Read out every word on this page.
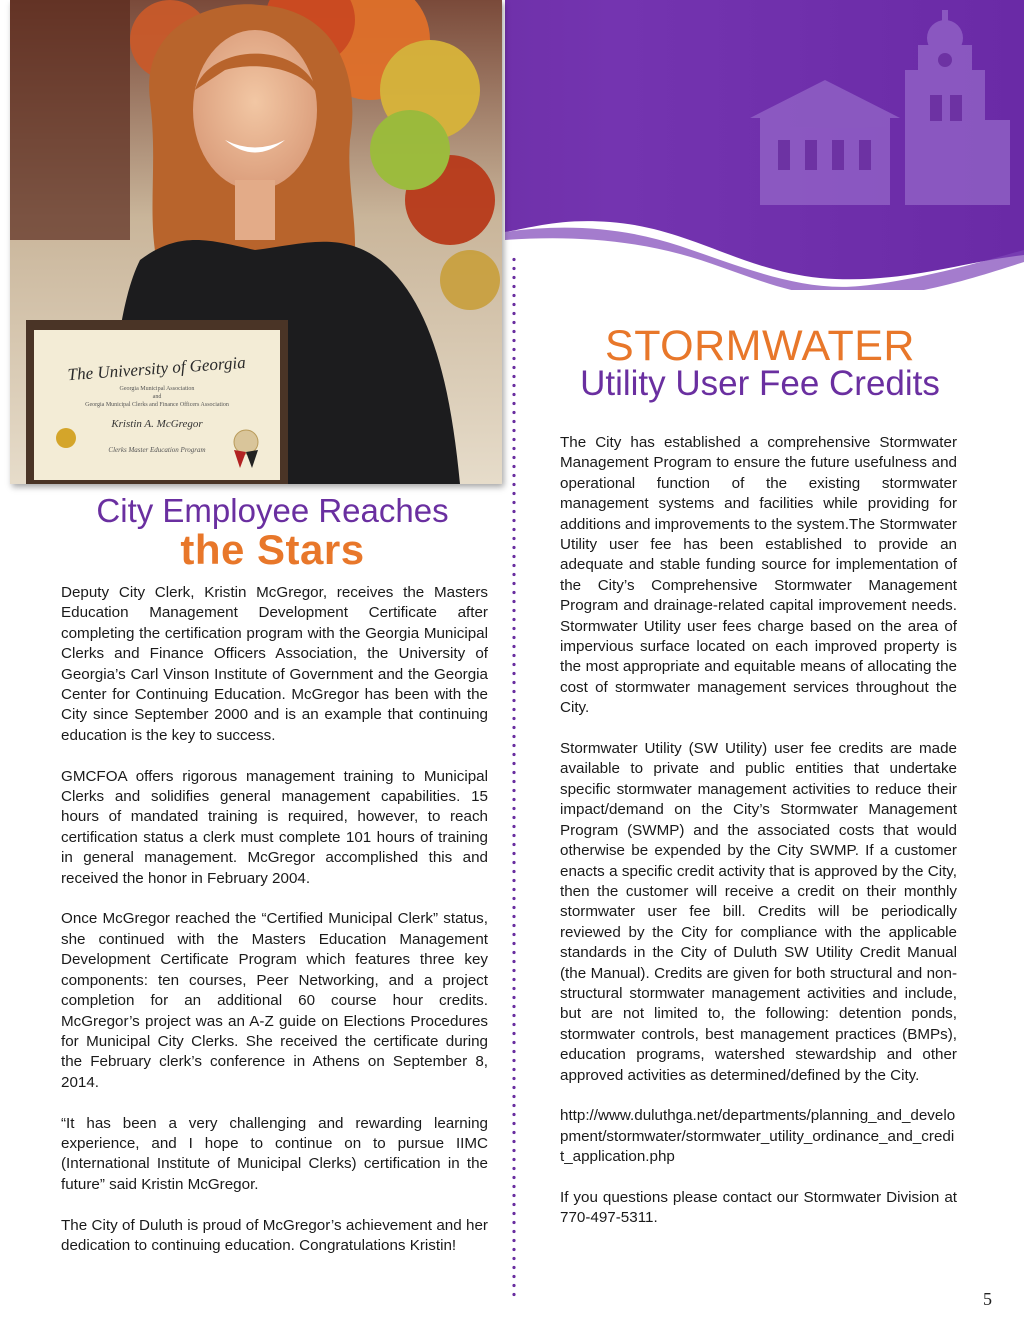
The University of Georgia
Georgia Municipal Association
and
Georgia Municipal Clerks and Finance Officers Association
Kristin A. McGregor
Clerks Master Education Program
City Employee Reaches
the Stars

Deputy City Clerk, Kristin McGregor, receives the Masters Education Management Development Certificate after completing the certification program with the Georgia Municipal Clerks and Finance Officers Association, the University of Georgia’s Carl Vinson Institute of Government and the Georgia Center for Continuing Education. McGregor has been with the City since September 2000 and is an example that continuing education is the key to success.

GMCFOA offers rigorous management training to Municipal Clerks and solidifies general management capabilities. 15 hours of mandated training is required, however, to reach certification status a clerk must complete 101 hours of training in general management. McGregor accomplished this and received the honor in February 2004.

Once McGregor reached the “Certified Municipal Clerk” status, she continued with the Masters Education Management Development Certificate Program which features three key components: ten courses, Peer Networking, and a project completion for an additional 60 course hour credits. McGregor’s project was an A-Z guide on Elections Procedures for Municipal City Clerks. She received the certificate during the February clerk’s conference in Athens on September 8, 2014.

“It has been a very challenging and rewarding learning experience, and I hope to continue on to pursue IIMC (International Institute of Municipal Clerks) certification in the future” said Kristin McGregor.

The City of Duluth is proud of McGregor’s achievement and her dedication to continuing education. Congratulations Kristin!

STORMWATER
Utility User Fee Credits

The City has established a comprehensive Stormwater Management Program to ensure the future usefulness and operational function of the existing stormwater management systems and facilities while providing for additions and improvements to the system.The Stormwater Utility user fee has been established to provide an adequate and stable funding source for implementation of the City’s Comprehensive Stormwater Management Program and drainage-related capital improvement needs. Stormwater Utility user fees charge based on the area of impervious surface located on each improved property is the most appropriate and equitable means of allocating the cost of stormwater management services throughout the City.

Stormwater Utility (SW Utility) user fee credits are made available to private and public entities that undertake specific stormwater management activities to reduce their impact/demand on the City’s Stormwater Management Program (SWMP) and the associated costs that would otherwise be expended by the City SWMP. If a customer enacts a specific credit activity that is approved by the City, then the customer will receive a credit on their monthly stormwater user fee bill. Credits will be periodically reviewed by the City for compliance with the applicable standards in the City of Duluth SW Utility Credit Manual (the Manual). Credits are given for both structural and non-structural stormwater management activities and include, but are not limited to, the following: detention ponds, stormwater controls, best management practices (BMPs), education programs, watershed stewardship and other approved activities as determined/defined by the City.

http://www.duluthga.net/departments/planning_and_development/stormwater/stormwater_utility_ordinance_and_credit_application.php

If you questions please contact our Stormwater Division at 770-497-5311.

5
